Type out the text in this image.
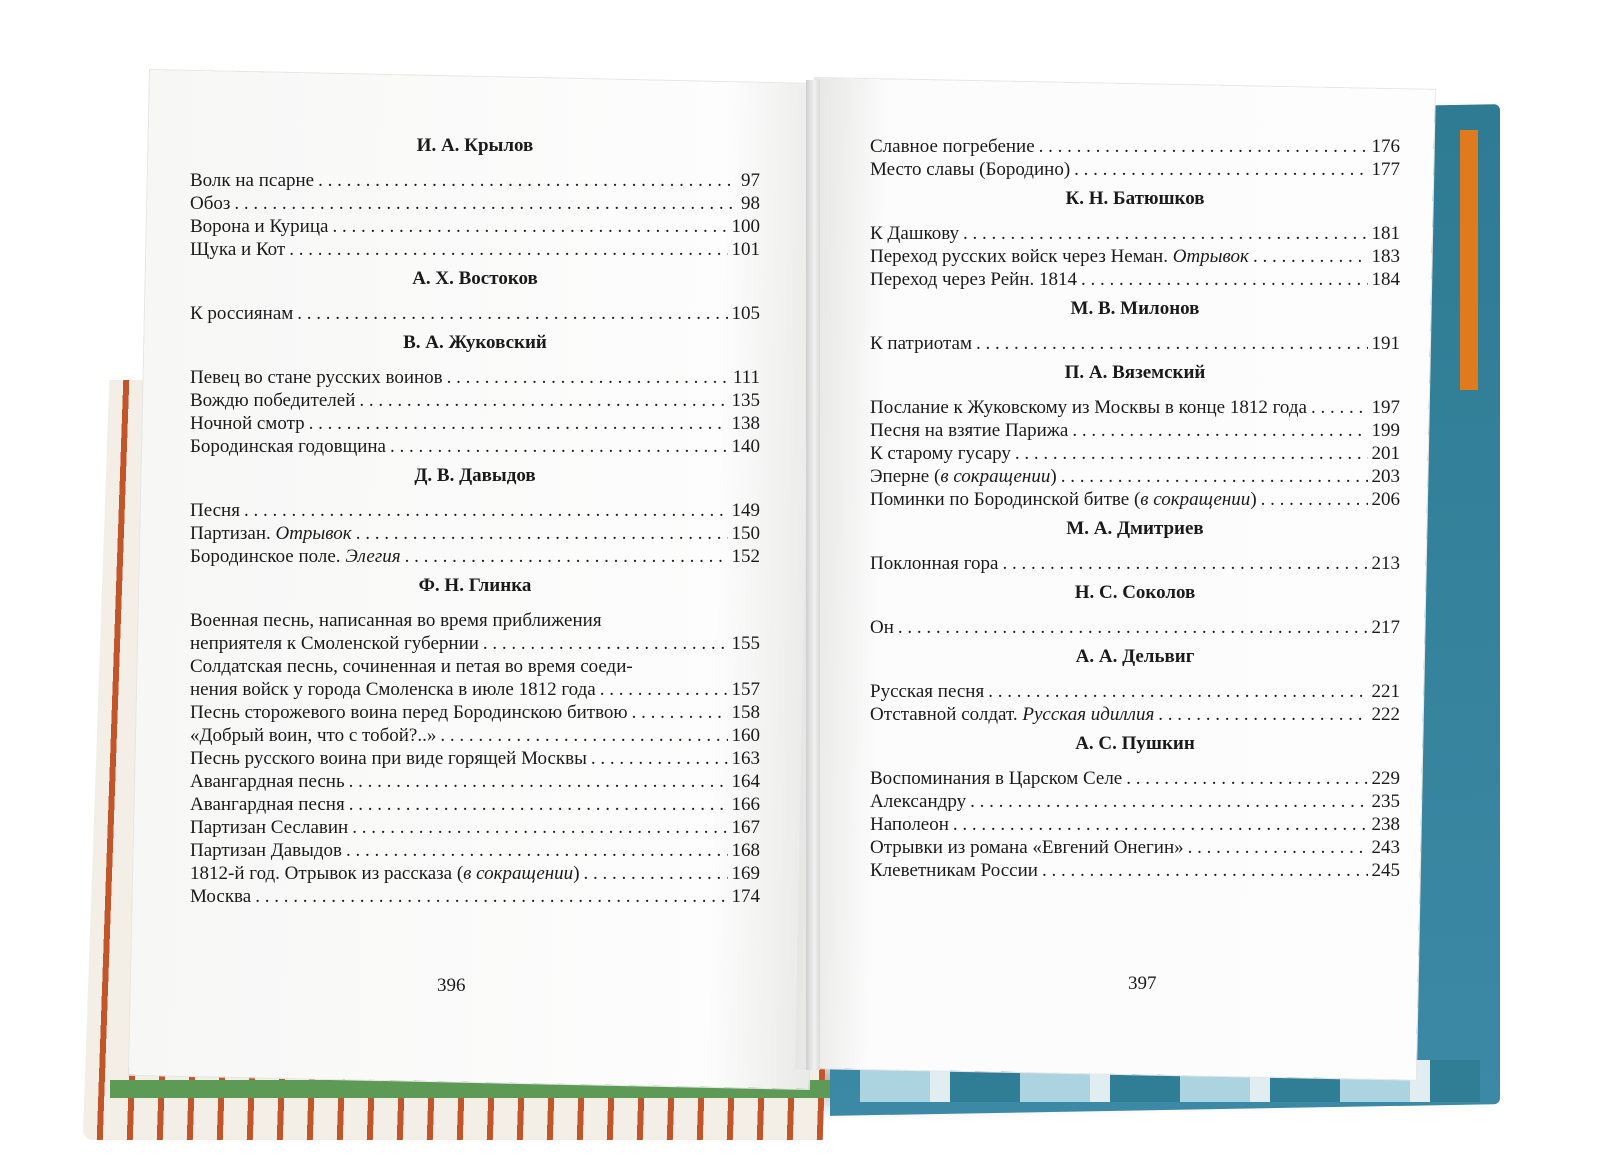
И. А. Крылов
Волк на псарне . . .	97
Обоз . . .	98
Ворона и Курица . . .	100
Щука и Кот . . .	101
А. Х. Востоков
К россиянам . . .	105
В. А. Жуковский
Певец во стане русских воинов . . .	111
Вождю победителей . . .	135
Ночной смотр . . .	138
Бородинская годовщина . . .	140
Д. В. Давыдов
Песня . . .	149
Партизан. Отрывок . . .	150
Бородинское поле. Элегия . . .	152
Ф. Н. Глинка
Военная песнь, написанная во время приближения
неприятеля к Смоленской губернии . . .	155
Солдатская песнь, сочиненная и петая во время соеди-
нения войск у города Смоленска в июле 1812 года . . .	157
Песнь сторожевого воина перед Бородинскою битвою . . .	158
«Добрый воин, что с тобой?..» . . .	160
Песнь русского воина при виде горящей Москвы . . .	163
Авангардная песнь . . .	164
Авангардная песня . . .	166
Партизан Сеславин . . .	167
Партизан Давыдов . . .	168
1812-й год. Отрывок из рассказа (в сокращении) . . .	169
Москва . . .	174
Славное погребение . . .	176
Место славы (Бородино) . . .	177
К. Н. Батюшков
К Дашкову . . .	181
Переход русских войск через Неман. Отрывок . . .	183
Переход через Рейн. 1814 . . .	184
М. В. Милонов
К патриотам . . .	191
П. А. Вяземский
Послание к Жуковскому из Москвы в конце 1812 года . . .	197
Песня на взятие Парижа . . .	199
К старому гусару . . .	201
Эпернe (в сокращении) . . .	203
Поминки по Бородинской битве (в сокращении) . . .	206
М. А. Дмитриев
Поклонная гора . . .	213
Н. С. Соколов
Он . . .	217
А. А. Дельвиг
Русская песня . . .	221
Отставной солдат. Русская идиллия . . .	222
А. С. Пушкин
Воспоминания в Царском Селе . . .	229
Александру . . .	235
Наполеон . . .	238
Отрывки из романа «Евгений Онегин» . . .	243
Клеветникам России . . .	245
396	397
